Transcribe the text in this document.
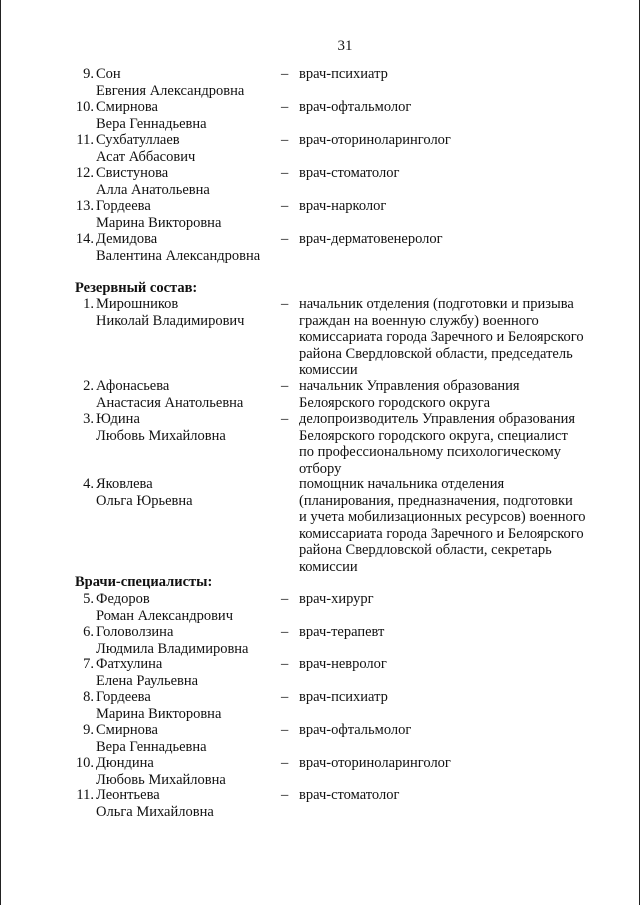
31
9. Сон
Евгения Александровна
– врач-психиатр
10. Смирнова
Вера Геннадьевна
– врач-офтальмолог
11. Сухбатуллаев
Асат Аббасович
– врач-оториноларинголог
12. Свистунова
Алла Анатольевна
– врач-стоматолог
13. Гордеева
Марина Викторовна
– врач-нарколог
14. Демидова
Валентина Александровна
– врач-дерматовенеролог
Резервный состав:
1. Мирошников
Николай Владимирович
– начальник отделения (подготовки и призыва
граждан на военную службу) военного
комиссариата города Заречного и Белоярского
района Свердловской области, председатель
комиссии
2. Афонасьева
Анастасия Анатольевна
– начальник Управления образования
Белоярского городского округа
3. Юдина
Любовь Михайловна
– делопроизводитель Управления образования
Белоярского городского округа, специалист
по профессиональному психологическому
отбору
4. Яковлева
Ольга Юрьевна
помощник начальника отделения
(планирования, предназначения, подготовки
и учета мобилизационных ресурсов) военного
комиссариата города Заречного и Белоярского
района Свердловской области, секретарь
комиссии
Врачи-специалисты:
5. Федоров
Роман Александрович
– врач-хирург
6. Головолзина
Людмила Владимировна
– врач-терапевт
7. Фатхулина
Елена Раульевна
– врач-невролог
8. Гордеева
Марина Викторовна
– врач-психиатр
9. Смирнова
Вера Геннадьевна
– врач-офтальмолог
10. Дюндина
Любовь Михайловна
– врач-оториноларинголог
11. Леонтьева
Ольга Михайловна
– врач-стоматолог
